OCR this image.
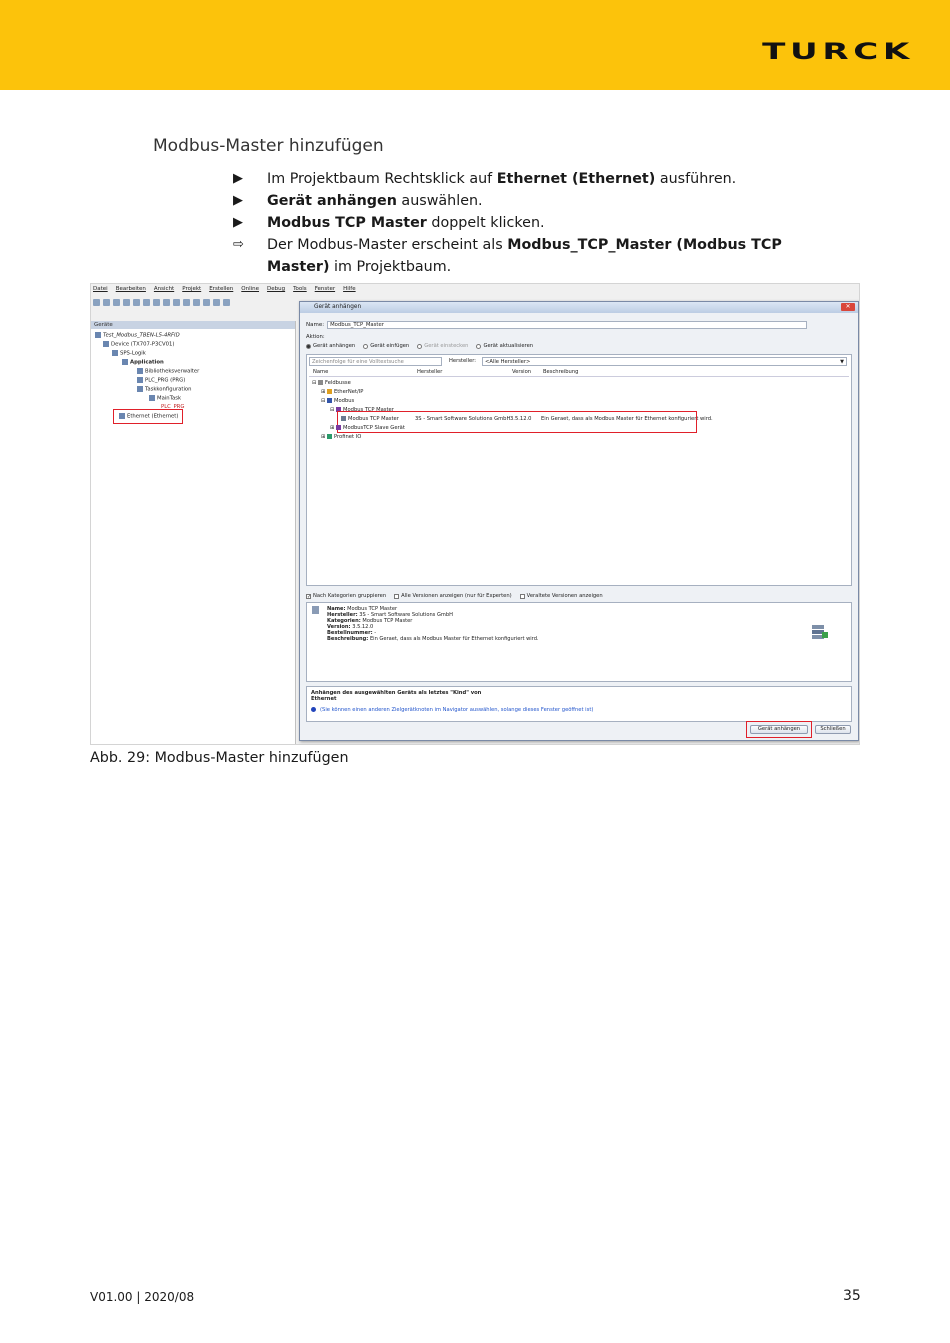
TURCK
Modbus-Master hinzufügen
▶	Im Projektbaum Rechtsklick auf Ethernet (Ethernet) ausführen.
▶	Gerät anhängen auswählen.
▶	Modbus TCP Master doppelt klicken.
⇨	Der Modbus-Master erscheint als Modbus_TCP_Master (Modbus TCP Master) im Projektbaum.
Datei Bearbeiten Ansicht Projekt Erstellen Online Debug Tools Fenster Hilfe
Geräte
Test_Modbus_TBEN-L5-4RFID
Device (TX707-P3CV01)
SPS-Logik
Application
Bibliotheksverwalter
PLC_PRG (PRG)
Taskkonfiguration
MainTask
PLC_PRG
Ethernet (Ethernet)
Gerät anhängen	✕
Name:	Modbus_TCP_Master
Aktion:
Gerät anhängen	Gerät einfügen	Gerät einstecken	Gerät aktualisieren
Zeichenfolge für eine Volltextsuche	Hersteller:	<Alle Hersteller>	▼
Name	Hersteller	Version Beschreibung
⊟ Feldbusse
⊞ EtherNet/IP
⊟ Modbus
⊟ Modbus TCP Master
Modbus TCP Master	3S - Smart Software Solutions GmbH 3.5.12.0 Ein Geraet, dass als Modbus Master für Ethernet konfiguriert wird.
⊞ ModbusTCP Slave Gerät
⊞ Profinet IO
✓ Nach Kategorien gruppieren	Alle Versionen anzeigen (nur für Experten)	Veraltete Versionen anzeigen
Name: Modbus TCP Master
Hersteller: 3S - Smart Software Solutions GmbH
Kategorien: Modbus TCP Master
Version: 3.5.12.0
Bestellnummer: -
Beschreibung: Ein Geraet, dass als Modbus Master für Ethernet konfiguriert wird.
Anhängen des ausgewählten Geräts als letztes "Kind" von
Ethernet
(Sie können einen anderen Zielgerätknoten im Navigator auswählen, solange dieses Fenster geöffnet ist)
Gerät anhängen	Schließen
Abb. 29: Modbus-Master hinzufügen
V01.00 | 2020/08	35
